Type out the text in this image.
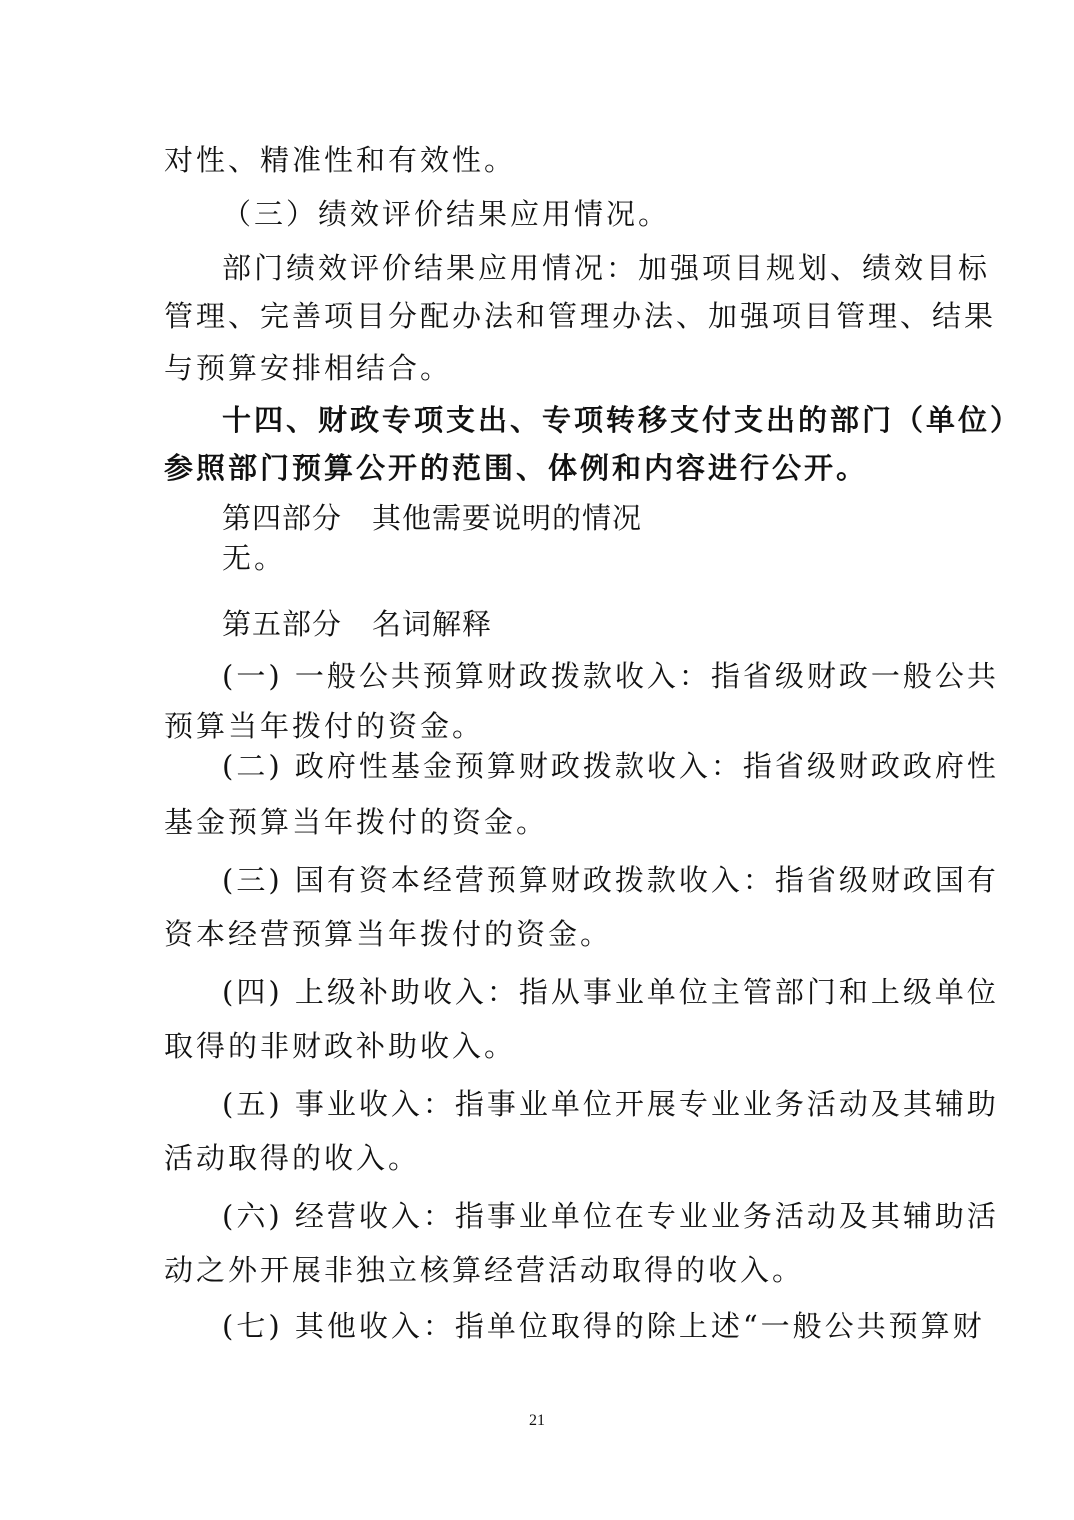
对性、精准性和有效性。
（三）绩效评价结果应用情况。
部门绩效评价结果应用情况：加强项目规划、绩效目标
管理、完善项目分配办法和管理办法、加强项目管理、结果
与预算安排相结合。
十四、财政专项支出、专项转移支付支出的部门（单位）
参照部门预算公开的范围、体例和内容进行公开。
第四部分　其他需要说明的情况
无。
第五部分　名词解释
(一) 一般公共预算财政拨款收入：指省级财政一般公共
预算当年拨付的资金。
(二) 政府性基金预算财政拨款收入：指省级财政政府性
基金预算当年拨付的资金。
(三) 国有资本经营预算财政拨款收入：指省级财政国有
资本经营预算当年拨付的资金。
(四) 上级补助收入：指从事业单位主管部门和上级单位
取得的非财政补助收入。
(五) 事业收入：指事业单位开展专业业务活动及其辅助
活动取得的收入。
(六) 经营收入：指事业单位在专业业务活动及其辅助活
动之外开展非独立核算经营活动取得的收入。
(七) 其他收入：指单位取得的除上述“一般公共预算财
21
